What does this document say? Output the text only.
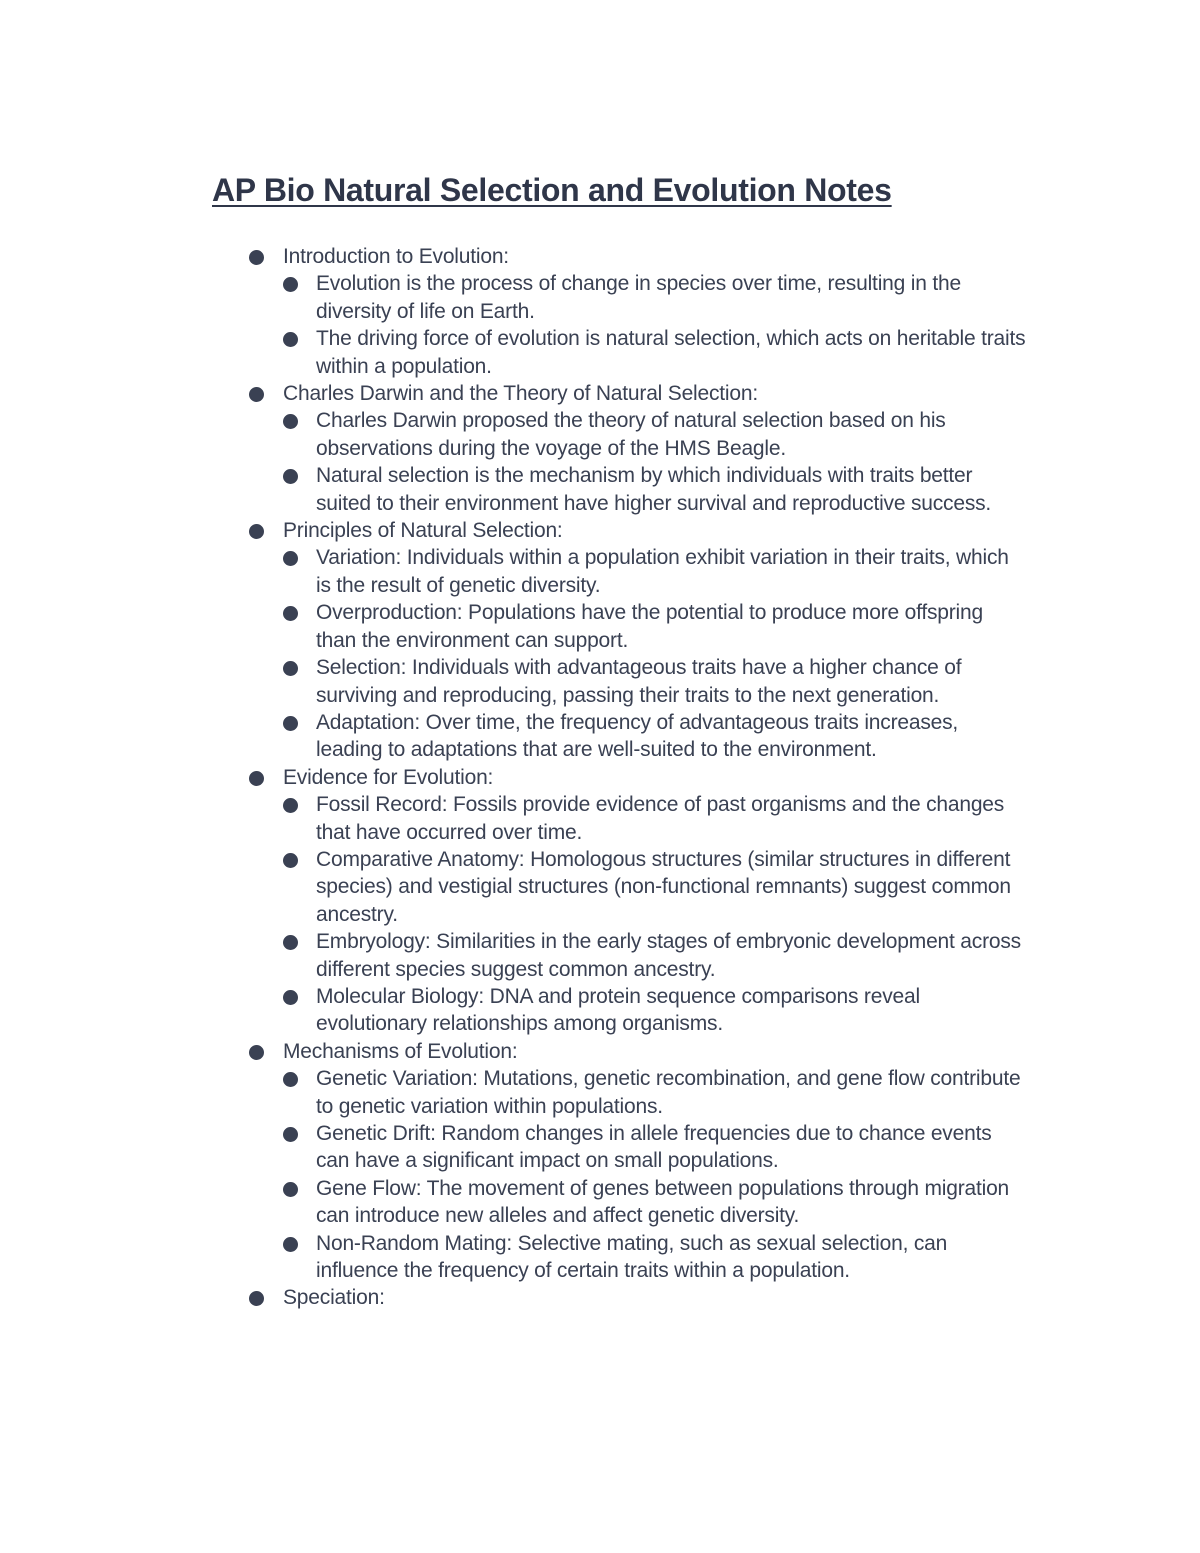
AP Bio Natural Selection and Evolution Notes
Introduction to Evolution:
Evolution is the process of change in species over time, resulting in the diversity of life on Earth.
The driving force of evolution is natural selection, which acts on heritable traits within a population.
Charles Darwin and the Theory of Natural Selection:
Charles Darwin proposed the theory of natural selection based on his observations during the voyage of the HMS Beagle.
Natural selection is the mechanism by which individuals with traits better suited to their environment have higher survival and reproductive success.
Principles of Natural Selection:
Variation: Individuals within a population exhibit variation in their traits, which is the result of genetic diversity.
Overproduction: Populations have the potential to produce more offspring than the environment can support.
Selection: Individuals with advantageous traits have a higher chance of surviving and reproducing, passing their traits to the next generation.
Adaptation: Over time, the frequency of advantageous traits increases, leading to adaptations that are well-suited to the environment.
Evidence for Evolution:
Fossil Record: Fossils provide evidence of past organisms and the changes that have occurred over time.
Comparative Anatomy: Homologous structures (similar structures in different species) and vestigial structures (non-functional remnants) suggest common ancestry.
Embryology: Similarities in the early stages of embryonic development across different species suggest common ancestry.
Molecular Biology: DNA and protein sequence comparisons reveal evolutionary relationships among organisms.
Mechanisms of Evolution:
Genetic Variation: Mutations, genetic recombination, and gene flow contribute to genetic variation within populations.
Genetic Drift: Random changes in allele frequencies due to chance events can have a significant impact on small populations.
Gene Flow: The movement of genes between populations through migration can introduce new alleles and affect genetic diversity.
Non-Random Mating: Selective mating, such as sexual selection, can influence the frequency of certain traits within a population.
Speciation:
